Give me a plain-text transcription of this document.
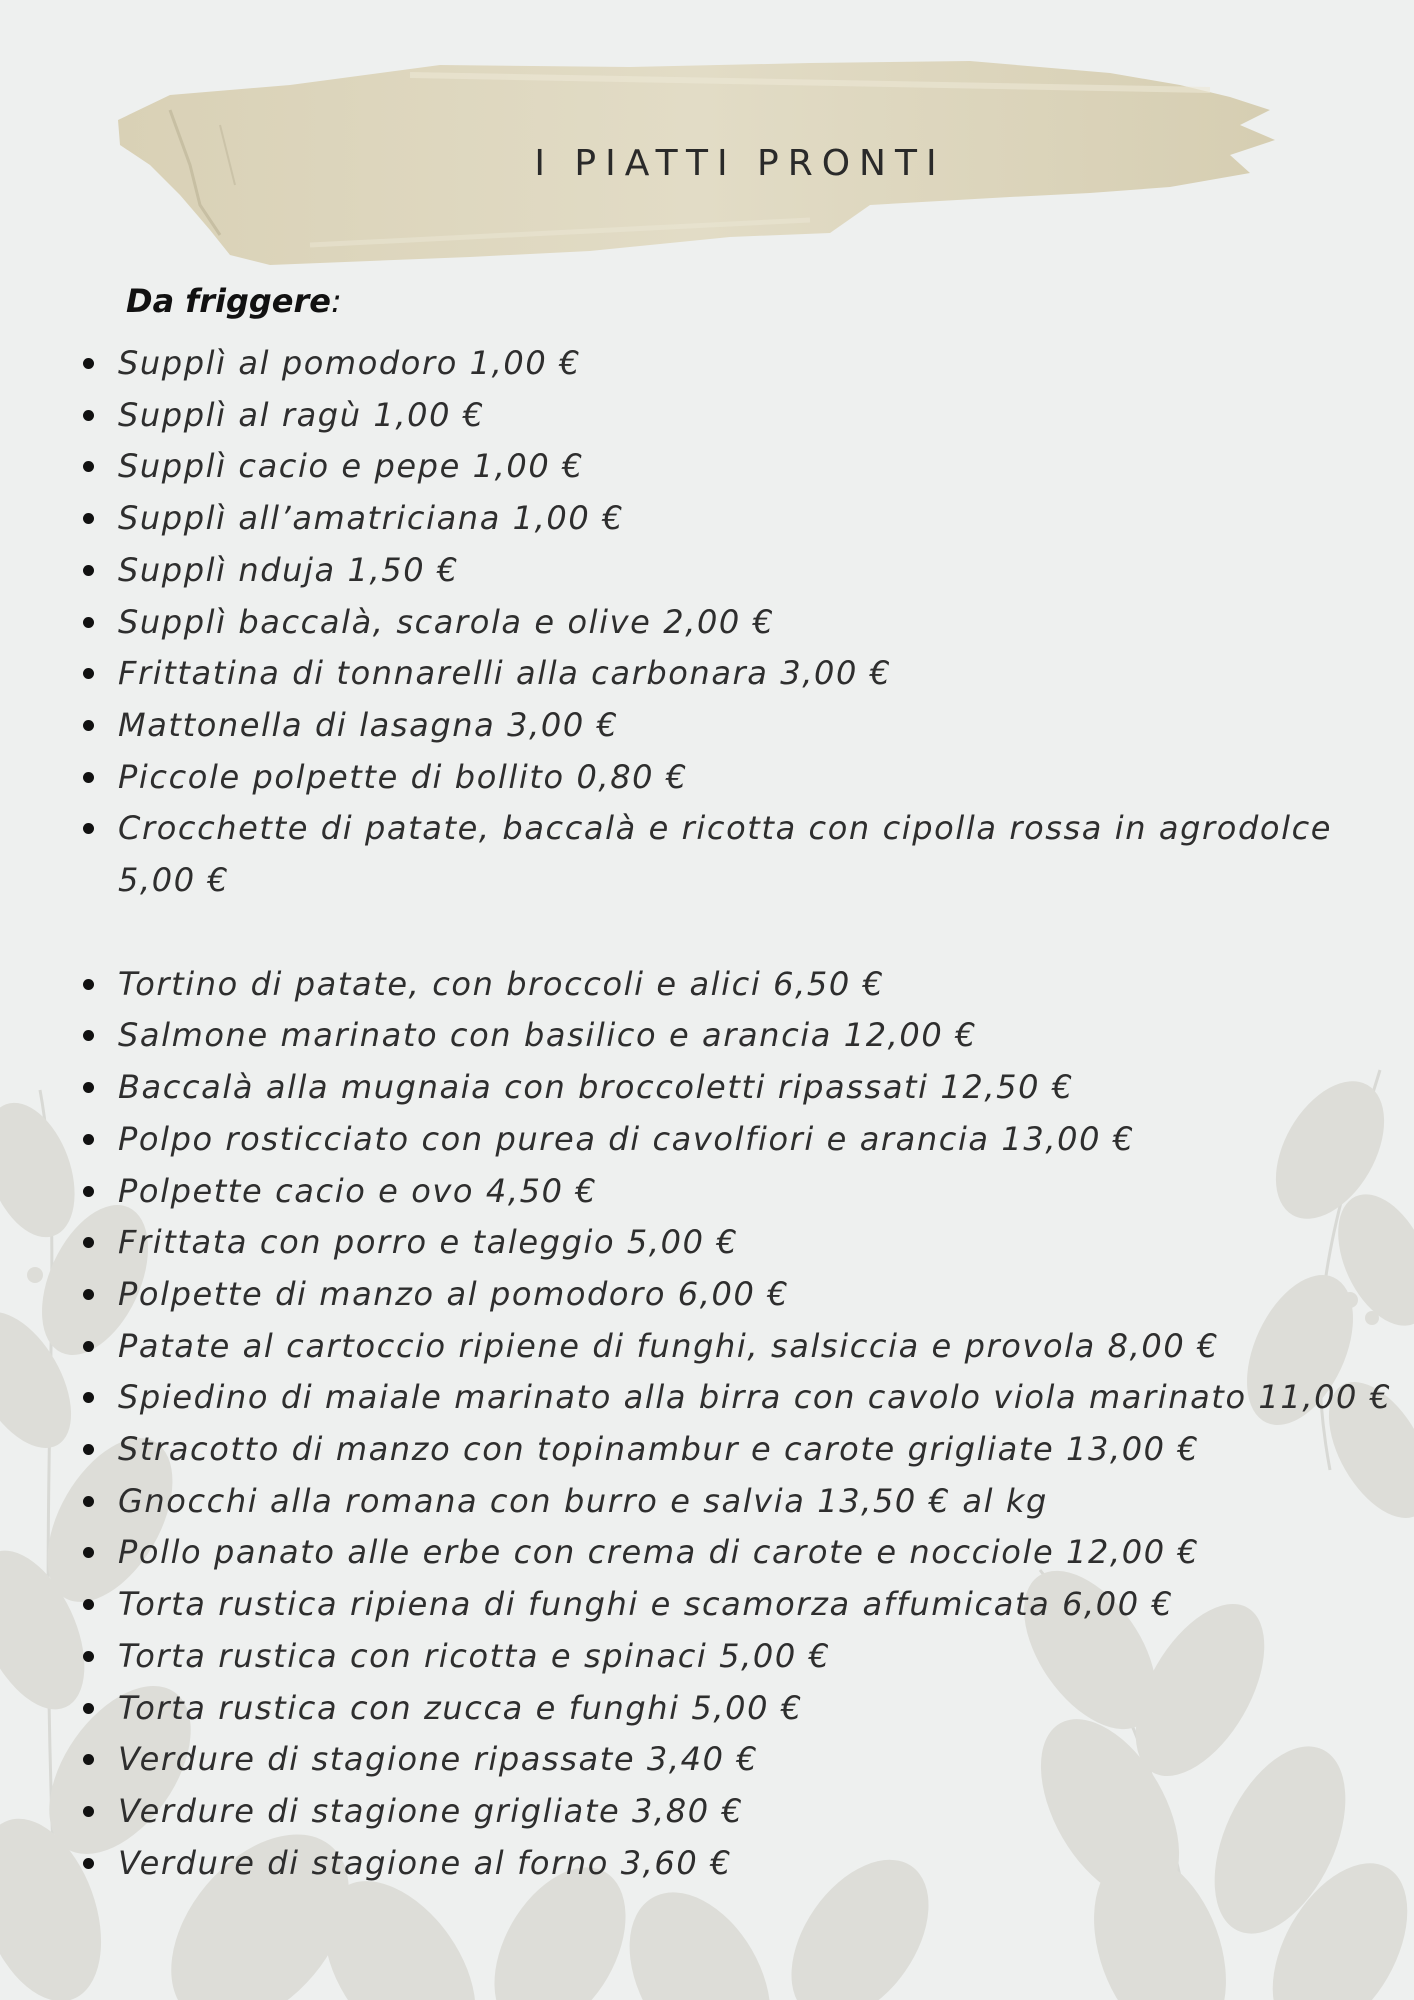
I PIATTI PRONTI
Da friggere:
Supplì al pomodoro 1,00 €
Supplì al ragù 1,00 €
Supplì cacio e pepe 1,00 €
Supplì all’amatriciana 1,00 €
Supplì nduja 1,50 €
Supplì baccalà, scarola e olive 2,00 €
Frittatina di tonnarelli alla carbonara 3,00 €
Mattonella di lasagna 3,00 €
Piccole polpette di bollito 0,80 €
Crocchette di patate, baccalà e ricotta con cipolla rossa in agrodolce 5,00 €
Tortino di patate, con broccoli e alici 6,50 €
Salmone marinato con basilico e arancia 12,00 €
Baccalà alla mugnaia con broccoletti ripassati 12,50 €
Polpo rosticciato con purea di cavolfiori e arancia 13,00 €
Polpette cacio e ovo 4,50 €
Frittata con porro e taleggio 5,00 €
Polpette di manzo al pomodoro 6,00 €
Patate al cartoccio ripiene di funghi, salsiccia e provola 8,00 €
Spiedino di maiale marinato alla birra con cavolo viola marinato 11,00 €
Stracotto di manzo con topinambur e carote grigliate 13,00 €
Gnocchi alla romana con burro e salvia 13,50 € al kg
Pollo panato alle erbe con crema di carote e nocciole 12,00 €
Torta rustica ripiena di funghi e scamorza affumicata 6,00 €
Torta rustica con ricotta e spinaci 5,00 €
Torta rustica con zucca e funghi 5,00 €
Verdure di stagione ripassate 3,40 €
Verdure di stagione grigliate 3,80 €
Verdure di stagione al forno 3,60 €
